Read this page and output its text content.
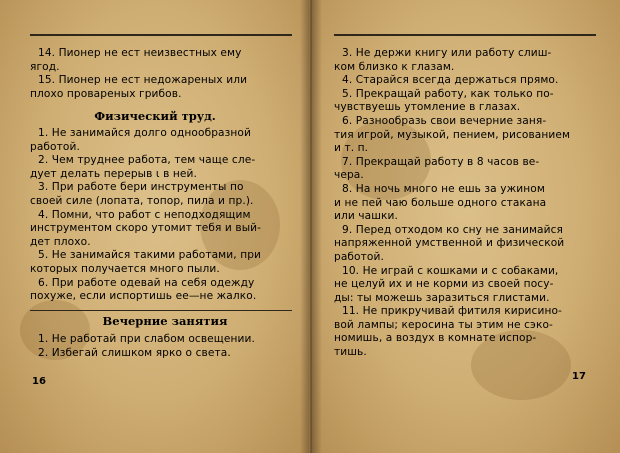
14. Пионер не ест неизвестных ему
ягод.
15. Пионер не ест недожареных или
плохо провареных грибов.
Физический труд.
1. Не занимайся долго однообразной
работой.
2. Чем труднее работа, тем чаще сле-
дует делать перерыв ι в ней.
3. При работе бери инструменты по
своей силе (лопата, топор, пила и пр.).
4. Помни, что работ с неподходящим
инструментом скоро утомит тебя и вый-
дет плохо.
5. Не занимайся такими работами, при
которых получается много пыли.
6. При работе одевай на себя одежду
похуже, если испортишь ее—не жалко.
Вечерние занятия
1. Не работай при слабом освещении.
2. Избегай слишком ярко о света.
16
3. Не держи книгу или работу слиш-
ком близко к глазам.
4. Старайся всегда держаться прямо.
5. Прекращай работу, как только по-
чувствуешь утомление в глазах.
6. Разнообразь свои вечерние заня-
тия игрой, музыкой, пением, рисованием
и т. п.
7. Прекращай работу в 8 часов ве-
чера.
8. На ночь много не ешь за ужином
и не пей чаю больше одного стакана
или чашки.
9. Перед отходом ко сну не занимайся
напряженной умственной и физической
работой.
10. Не играй с кошками и с собаками,
не целуй их и не корми из своей посу-
ды: ты можешь заразиться глистами.
11. Не прикручивай фитиля кирисино-
вой лампы; керосина ты этим не сэко-
номишь, а воздух в комнате испор-
тишь.
17
